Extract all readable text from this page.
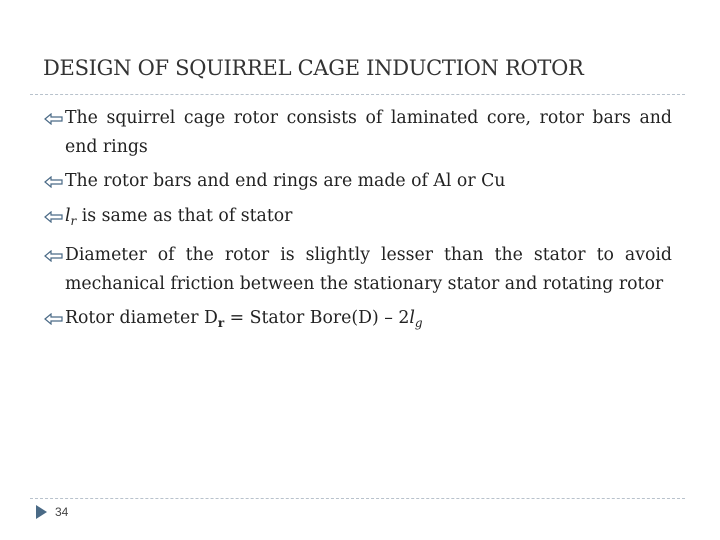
DESIGN OF SQUIRREL CAGE INDUCTION ROTOR
The squirrel cage rotor consists of laminated core, rotor bars and end rings
The rotor bars and end rings are made of Al or Cu
$l_r$ is same as that of stator
Diameter of the rotor is slightly lesser than the stator to avoid mechanical friction between the stationary stator and rotating rotor
Rotor diameter $D_r$ = Stator Bore(D) – $2l_g$
34
